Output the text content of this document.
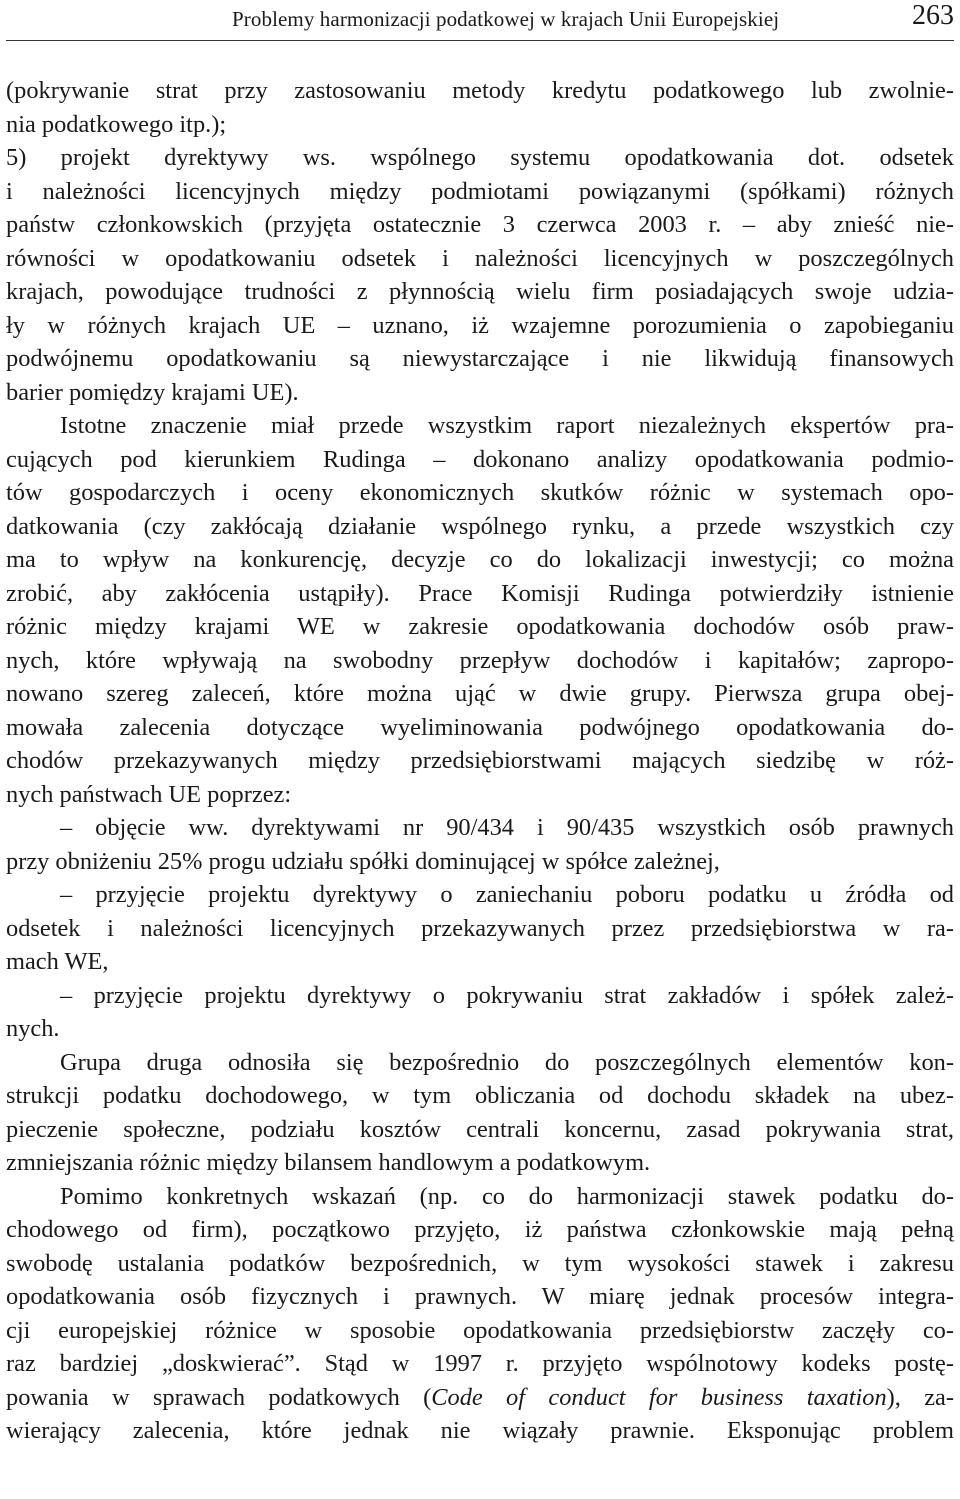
Problemy harmonizacji podatkowej w krajach Unii Europejskiej	263
(pokrywanie strat przy zastosowaniu metody kredytu podatkowego lub zwolnie-
nia podatkowego itp.);
5) projekt dyrektywy ws. wspólnego systemu opodatkowania dot. odsetek
i należności licencyjnych między podmiotami powiązanymi (spółkami) różnych
państw członkowskich (przyjęta ostatecznie 3 czerwca 2003 r. – aby znieść nie-
równości w opodatkowaniu odsetek i należności licencyjnych w poszczególnych
krajach, powodujące trudności z płynnością wielu firm posiadających swoje udzia-
ły w różnych krajach UE – uznano, iż wzajemne porozumienia o zapobieganiu
podwójnemu opodatkowaniu są niewystarczające i nie likwidują finansowych
barier pomiędzy krajami UE).
Istotne znaczenie miał przede wszystkim raport niezależnych ekspertów pra-
cujących pod kierunkiem Rudinga – dokonano analizy opodatkowania podmio-
tów gospodarczych i oceny ekonomicznych skutków różnic w systemach opo-
datkowania (czy zakłócają działanie wspólnego rynku, a przede wszystkich czy
ma to wpływ na konkurencję, decyzje co do lokalizacji inwestycji; co można
zrobić, aby zakłócenia ustąpiły). Prace Komisji Rudinga potwierdziły istnienie
różnic między krajami WE w zakresie opodatkowania dochodów osób praw-
nych, które wpływają na swobodny przepływ dochodów i kapitałów; zapropo-
nowano szereg zaleceń, które można ująć w dwie grupy. Pierwsza grupa obej-
mowała zalecenia dotyczące wyeliminowania podwójnego opodatkowania do-
chodów przekazywanych między przedsiębiorstwami mających siedzibę w róż-
nych państwach UE poprzez:
– objęcie ww. dyrektywami nr 90/434 i 90/435 wszystkich osób prawnych
przy obniżeniu 25% progu udziału spółki dominującej w spółce zależnej,
– przyjęcie projektu dyrektywy o zaniechaniu poboru podatku u źródła od
odsetek i należności licencyjnych przekazywanych przez przedsiębiorstwa w ra-
mach WE,
– przyjęcie projektu dyrektywy o pokrywaniu strat zakładów i spółek zależ-
nych.
Grupa druga odnosiła się bezpośrednio do poszczególnych elementów kon-
strukcji podatku dochodowego, w tym obliczania od dochodu składek na ubez-
pieczenie społeczne, podziału kosztów centrali koncernu, zasad pokrywania strat,
zmniejszania różnic między bilansem handlowym a podatkowym.
Pomimo konkretnych wskazań (np. co do harmonizacji stawek podatku do-
chodowego od firm), początkowo przyjęto, iż państwa członkowskie mają pełną
swobodę ustalania podatków bezpośrednich, w tym wysokości stawek i zakresu
opodatkowania osób fizycznych i prawnych. W miarę jednak procesów integra-
cji europejskiej różnice w sposobie opodatkowania przedsiębiorstw zaczęły co-
raz bardziej „doskwierać”. Stąd w 1997 r. przyjęto wspólnotowy kodeks postę-
powania w sprawach podatkowych (Code of conduct for business taxation), za-
wierający zalecenia, które jednak nie wiązały prawnie. Eksponując problem
